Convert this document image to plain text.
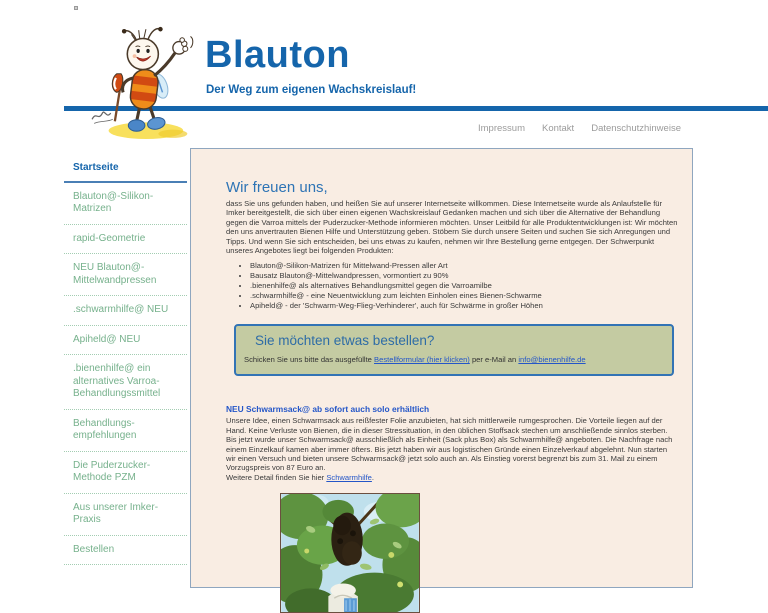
Blauton
Der Weg zum eigenen Wachskreislauf!
Impressum Kontakt Datenschutzhinweise
Startseite
Blauton@-Silikon-Matrizen
rapid-Geometrie
NEU Blauton@-Mittelwandpressen
.schwarmhilfe@ NEU
Apiheld@ NEU
.bienenhilfe@ ein alternatives Varroa-Behandlungssmittel
Behandlungs-empfehlungen
Die Puderzucker-Methode PZM
Aus unserer Imker-Praxis
Bestellen
Wir freuen uns,
dass Sie uns gefunden haben, und heißen Sie auf unserer Internetseite willkommen. Diese Internetseite wurde als Anlaufstelle für Imker bereitgestellt, die sich über einen eigenen Wachskreislauf Gedanken machen und sich über die Alternative der Behandlung gegen die Varroa mittels der Puderzucker-Methode informieren möchten. Unser Leitbild für alle Produktentwicklungen ist: Wir möchten den uns anvertrauten Bienen Hilfe und Unterstützung geben. Stöbern Sie durch unsere Seiten und suchen Sie sich Anregungen und Tipps. Und wenn Sie sich entscheiden, bei uns etwas zu kaufen, nehmen wir Ihre Bestellung gerne entgegen. Der Schwerpunkt unseres Angebotes liegt bei folgenden Produkten:
• Blauton@-Silikon-Matrizen für Mittelwand-Pressen aller Art
• Bausatz Blauton@-Mittelwandpressen, vormontiert zu 90%
• .bienenhilfe@ als alternatives Behandlungsmittel gegen die Varroamilbe
• .schwarmhilfe@ - eine Neuentwicklung zum leichten Einholen eines Bienen-Schwarme
• Apiheld@ - der 'Schwarm-Weg-Flieg-Verhinderer', auch für Schwärme in großer Höhen
Sie möchten etwas bestellen?
Schicken Sie uns bitte das ausgefüllte Bestellformular (hier klicken) per e-Mail an info@bienenhilfe.de
NEU Schwarmsack@ ab sofort auch solo erhältlich
Unsere Idee, einen Schwarmsack aus reißfester Folie anzubieten, hat sich mittlerweile rumgesprochen. Die Vorteile liegen auf der Hand. Keine Verluste von Bienen, die in dieser Stressituation, in den üblichen Stoffsack stechen um anschließende sinnlos sterben. Bis jetzt wurde unser Schwarmsack@ ausschließlich als Einheit (Sack plus Box) als Schwarmhilfe@ angeboten. Die Nachfrage nach einem Einzelkauf kamen aber immer öfters. Bis jetzt haben wir aus logistischen Gründe einen Einzelverkauf abgelehnt. Nun starten wir einen Versuch und bieten unsere Schwarmsack@ jetzt solo auch an. Als Einstieg vorerst begrenzt bis zum 31. Mail zu einem Vorzugspreis von 87 Euro an.
Weitere Detail finden Sie hier Schwarmhilfe.
